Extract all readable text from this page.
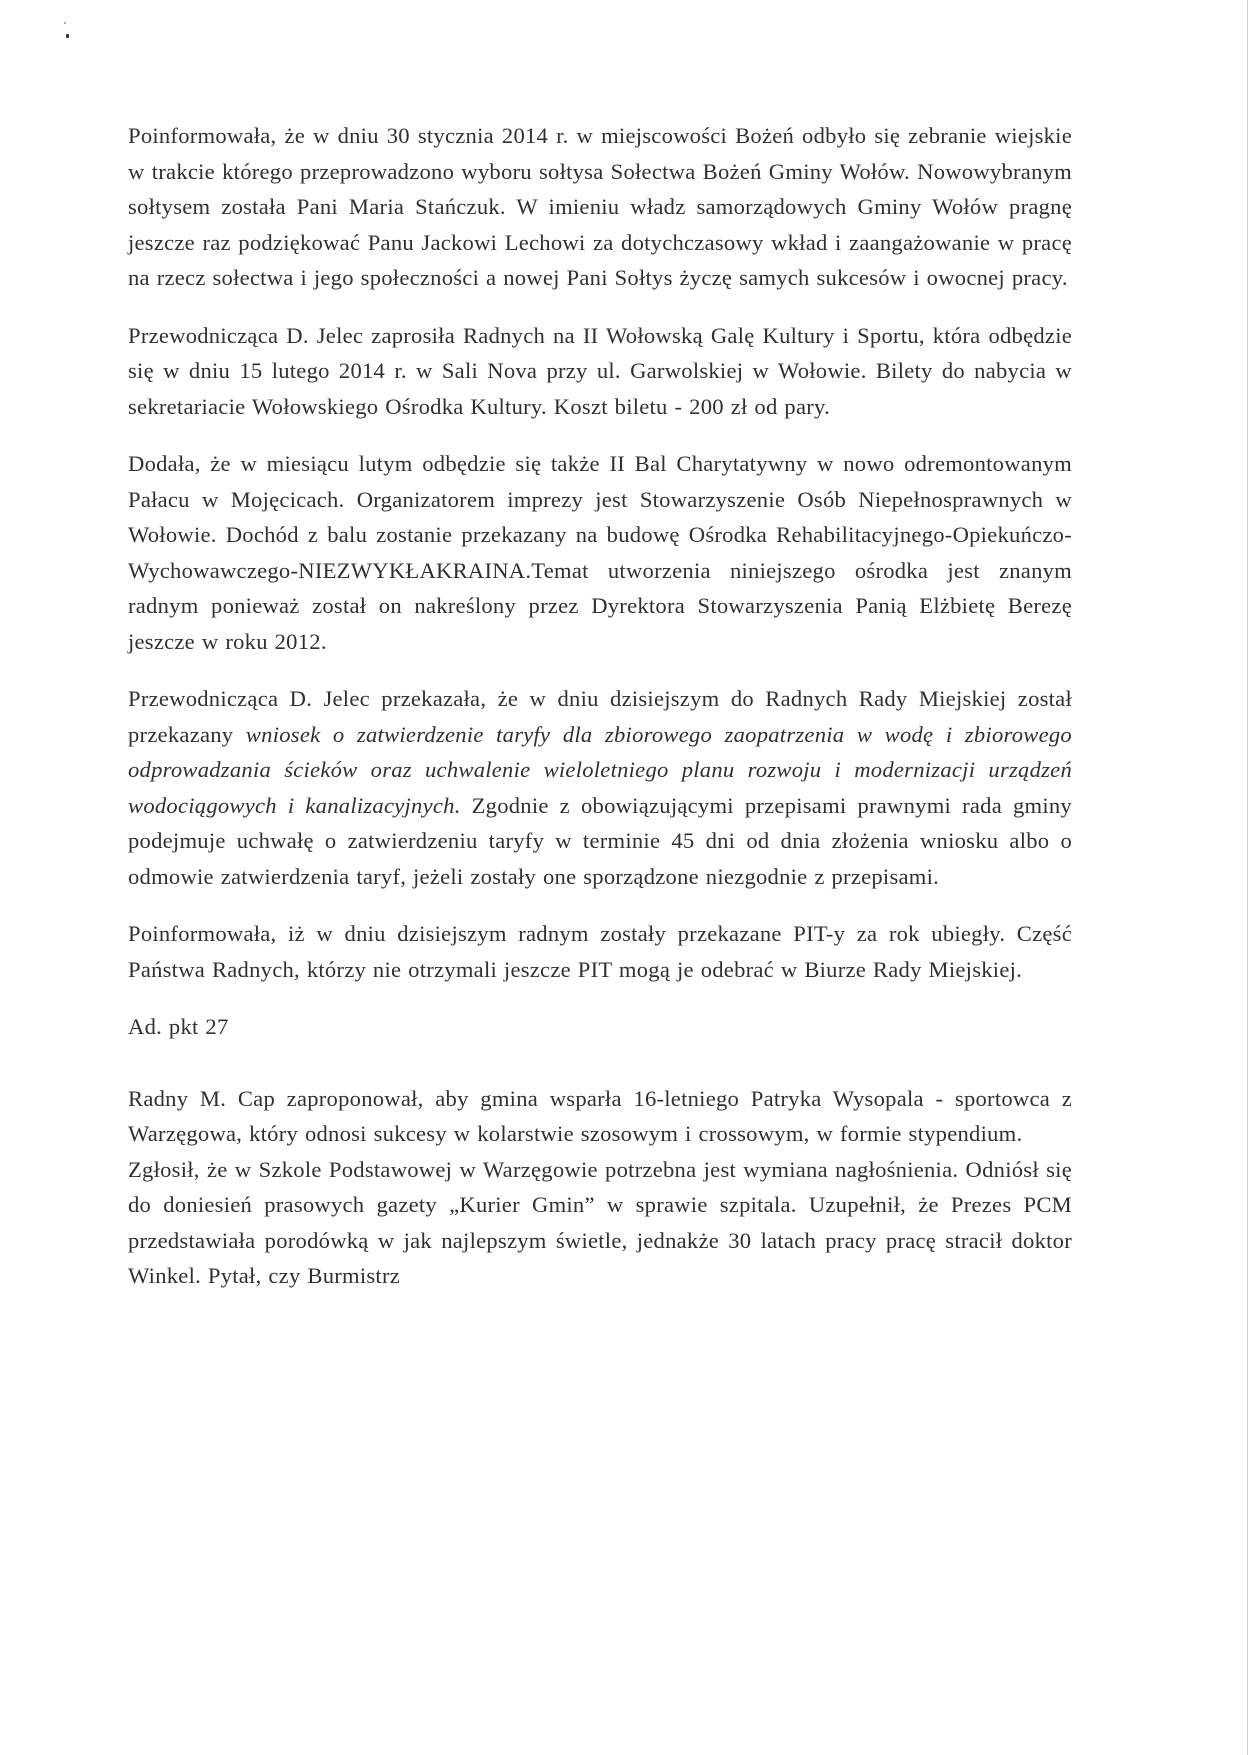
Poinformowała, że w dniu 30 stycznia 2014 r. w miejscowości Bożeń odbyło się zebranie wiejskie w trakcie którego przeprowadzono wyboru sołtysa Sołectwa Bożeń Gminy Wołów. Nowowybranym sołtysem została Pani Maria Stańczuk. W imieniu władz samorządowych Gminy Wołów pragnę jeszcze raz podziękować Panu Jackowi Lechowi za dotychczasowy wkład i zaangażowanie w pracę na rzecz sołectwa i jego społeczności a nowej Pani Sołtys życzę samych sukcesów i owocnej pracy.

Przewodnicząca D. Jelec zaprosiła Radnych na II Wołowską Galę Kultury i Sportu, która odbędzie się w dniu 15 lutego 2014 r. w Sali Nova przy ul. Garwolskiej w Wołowie. Bilety do nabycia w sekretariacie Wołowskiego Ośrodka Kultury. Koszt biletu - 200 zł od pary.

Dodała, że w miesiącu lutym odbędzie się także II Bal Charytatywny w nowo odremontowanym Pałacu w Mojęcicach. Organizatorem imprezy jest Stowarzyszenie Osób Niepełnosprawnych w Wołowie. Dochód z balu zostanie przekazany na budowę Ośrodka Rehabilitacyjnego-Opiekuńczo-Wychowawczego-NIEZWYKŁAKRAINA.Temat utworzenia niniejszego ośrodka jest znanym radnym ponieważ został on nakreślony przez Dyrektora Stowarzyszenia Panią Elżbietę Berezę jeszcze w roku 2012.

Przewodnicząca D. Jelec przekazała, że w dniu dzisiejszym do Radnych Rady Miejskiej został przekazany wniosek o zatwierdzenie taryfy dla zbiorowego zaopatrzenia w wodę i zbiorowego odprowadzania ścieków oraz uchwalenie wieloletniego planu rozwoju i modernizacji urządzeń wodociągowych i kanalizacyjnych. Zgodnie z obowiązującymi przepisami prawnymi rada gminy podejmuje uchwałę o zatwierdzeniu taryfy w terminie 45 dni od dnia złożenia wniosku albo o odmowie zatwierdzenia taryf, jeżeli zostały one sporządzone niezgodnie z przepisami.

Poinformowała, iż w dniu dzisiejszym radnym zostały przekazane PIT-y za rok ubiegły. Część Państwa Radnych, którzy nie otrzymali jeszcze PIT mogą je odebrać w Biurze Rady Miejskiej.

Ad. pkt 27

Radny M. Cap zaproponował, aby gmina wsparła 16-letniego Patryka Wysopala - sportowca z Warzęgowa, który odnosi sukcesy w kolarstwie szosowym i crossowym, w formie stypendium.

Zgłosił, że w Szkole Podstawowej w Warzęgowie potrzebna jest wymiana nagłośnienia. Odniósł się do doniesień prasowych gazety „Kurier Gmin” w sprawie szpitala. Uzupełnił, że Prezes PCM przedstawiała porodówką w jak najlepszym świetle, jednakże 30 latach pracy pracę stracił doktor Winkel. Pytał, czy Burmistrz
